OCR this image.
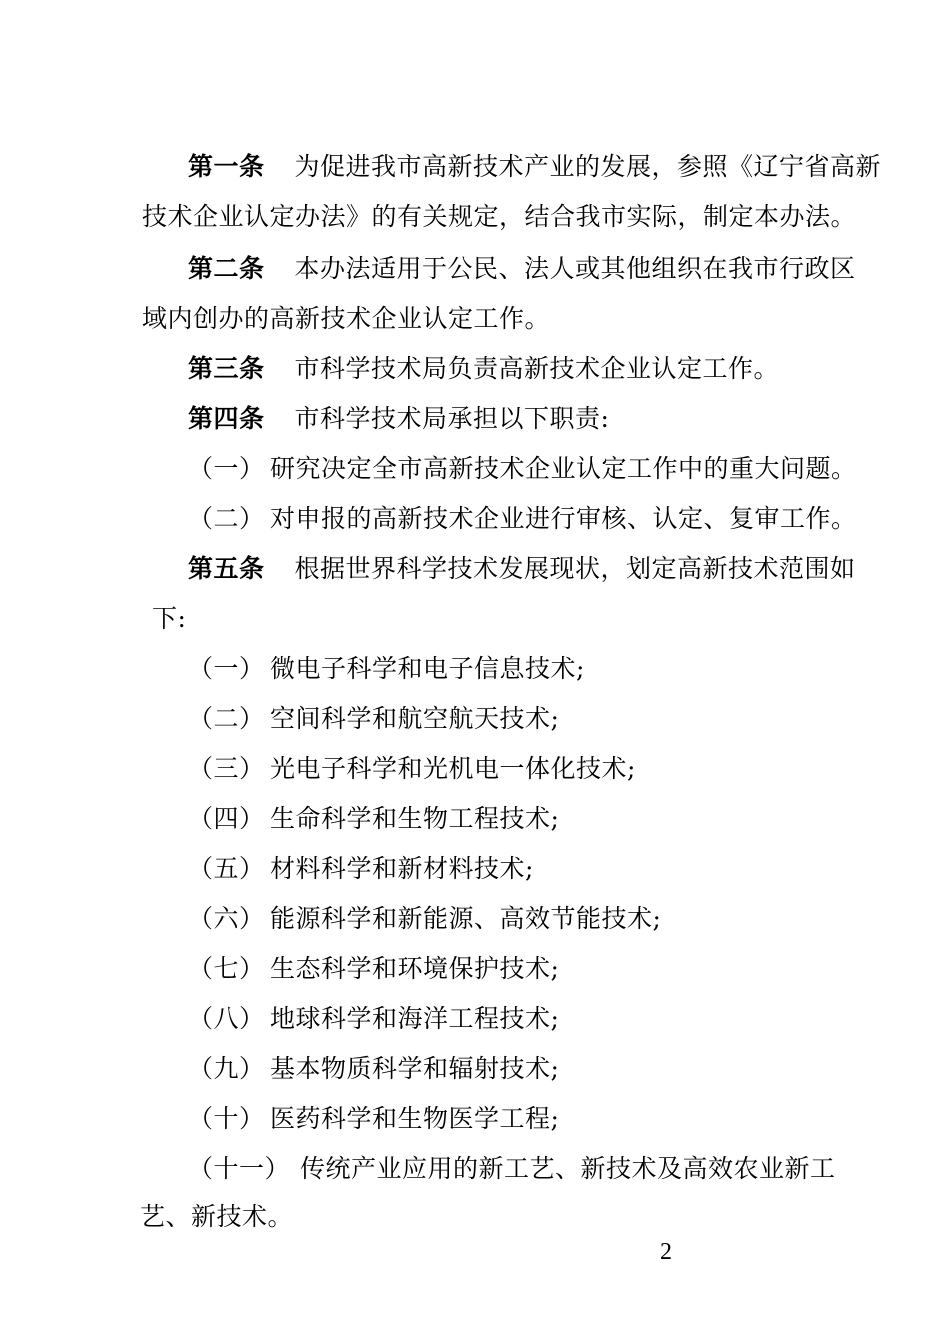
第一条 为促进我市高新技术产业的发展，参照《辽宁省高新
技术企业认定办法》的有关规定，结合我市实际，制定本办法。
第二条 本办法适用于公民、法人或其他组织在我市行政区
域内创办的高新技术企业认定工作。
第三条 市科学技术局负责高新技术企业认定工作。
第四条 市科学技术局承担以下职责:
（一） 研究决定全市高新技术企业认定工作中的重大问题。
（二） 对申报的高新技术企业进行审核、认定、复审工作。
第五条 根据世界科学技术发展现状，划定高新技术范围如
下:
（一） 微电子科学和电子信息技术;
（二） 空间科学和航空航天技术;
（三） 光电子科学和光机电一体化技术;
（四） 生命科学和生物工程技术;
（五） 材料科学和新材料技术;
（六） 能源科学和新能源、高效节能技术;
（七） 生态科学和环境保护技术;
（八） 地球科学和海洋工程技术;
（九） 基本物质科学和辐射技术;
（十） 医药科学和生物医学工程;
（十一） 传统产业应用的新工艺、新技术及高效农业新工
艺、新技术。
2
